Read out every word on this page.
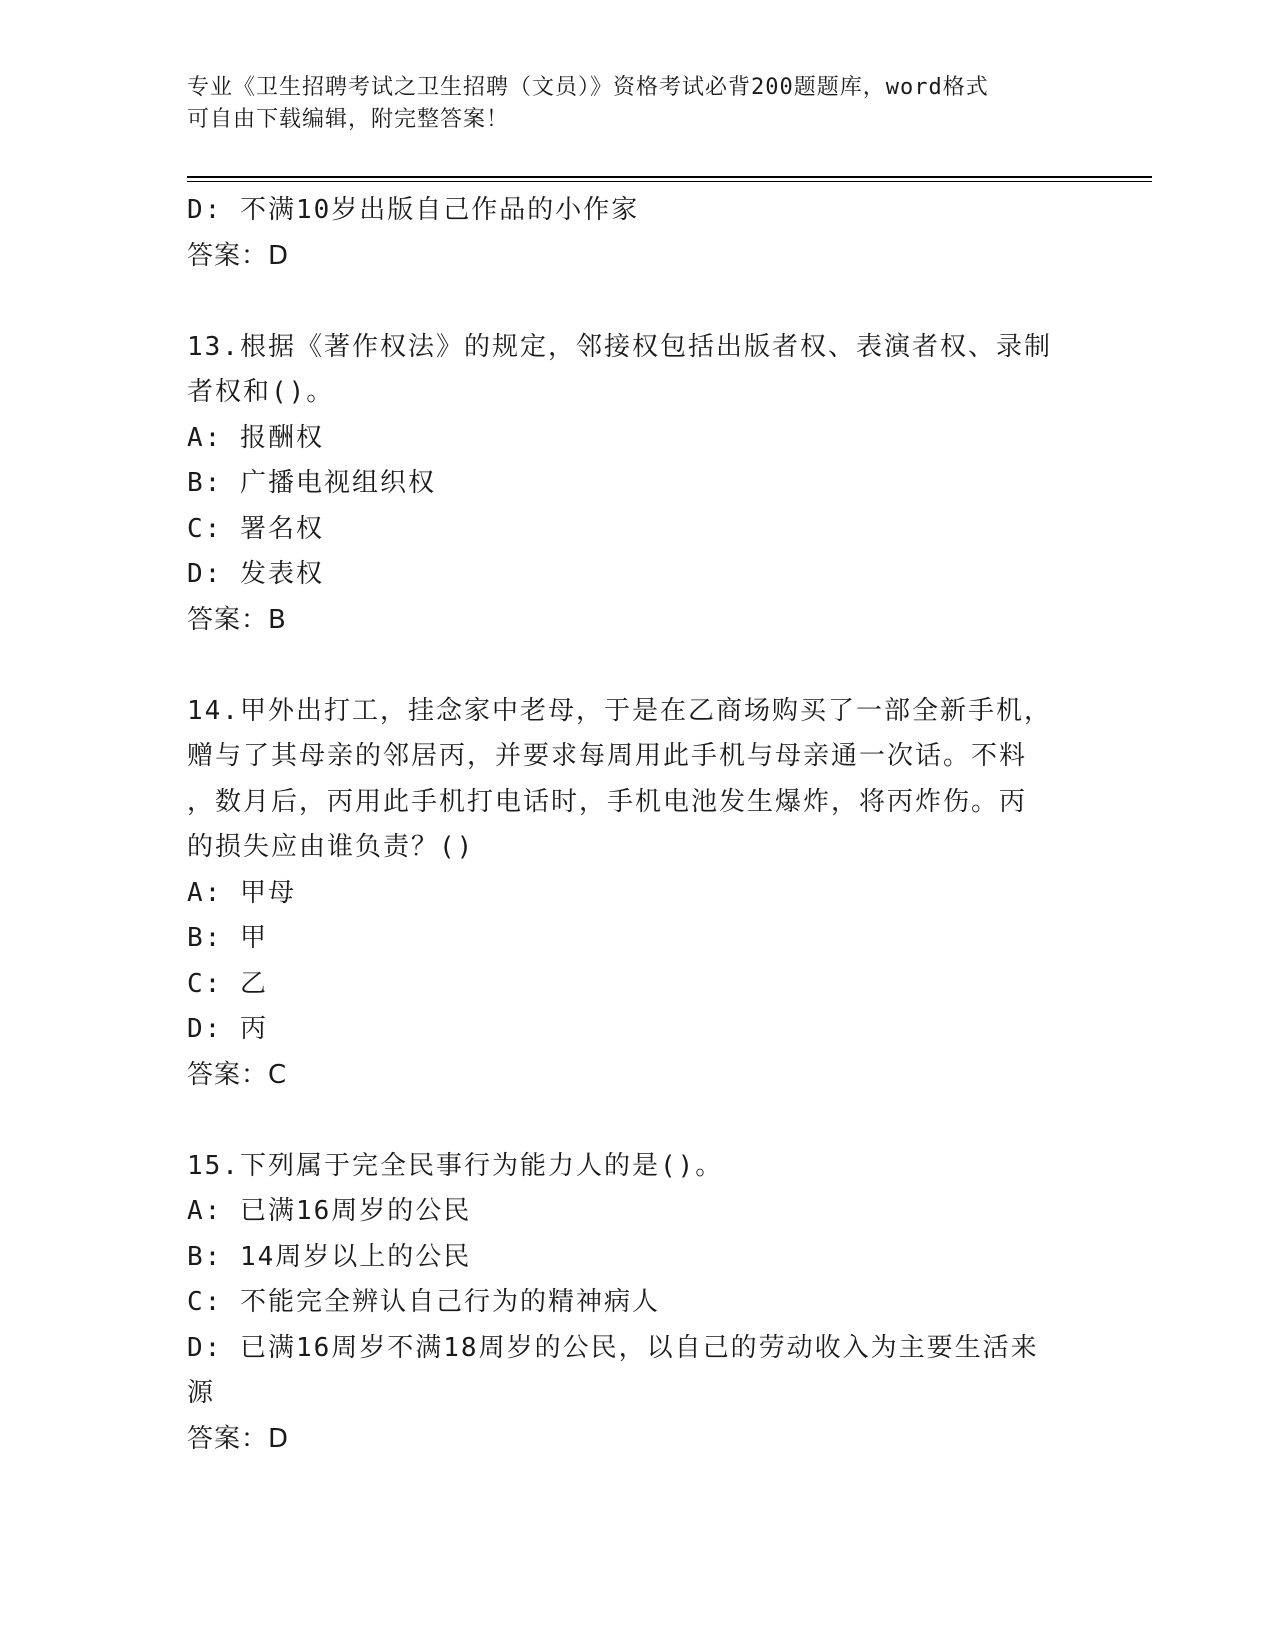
专业《卫生招聘考试之卫生招聘（文员）》资格考试必背200题题库，word格式
可自由下载编辑，附完整答案！
D: 不满10岁出版自己作品的小作家
答案：D
13.根据《著作权法》的规定，邻接权包括出版者权、表演者权、录制
者权和()。
A: 报酬权
B: 广播电视组织权
C: 署名权
D: 发表权
答案：B
14.甲外出打工，挂念家中老母，于是在乙商场购买了一部全新手机，
赠与了其母亲的邻居丙，并要求每周用此手机与母亲通一次话。不料
，数月后，丙用此手机打电话时，手机电池发生爆炸，将丙炸伤。丙
的损失应由谁负责？()
A: 甲母
B: 甲
C: 乙
D: 丙
答案：C
15.下列属于完全民事行为能力人的是()。
A: 已满16周岁的公民
B: 14周岁以上的公民
C: 不能完全辨认自己行为的精神病人
D: 已满16周岁不满18周岁的公民，以自己的劳动收入为主要生活来
源
答案：D
